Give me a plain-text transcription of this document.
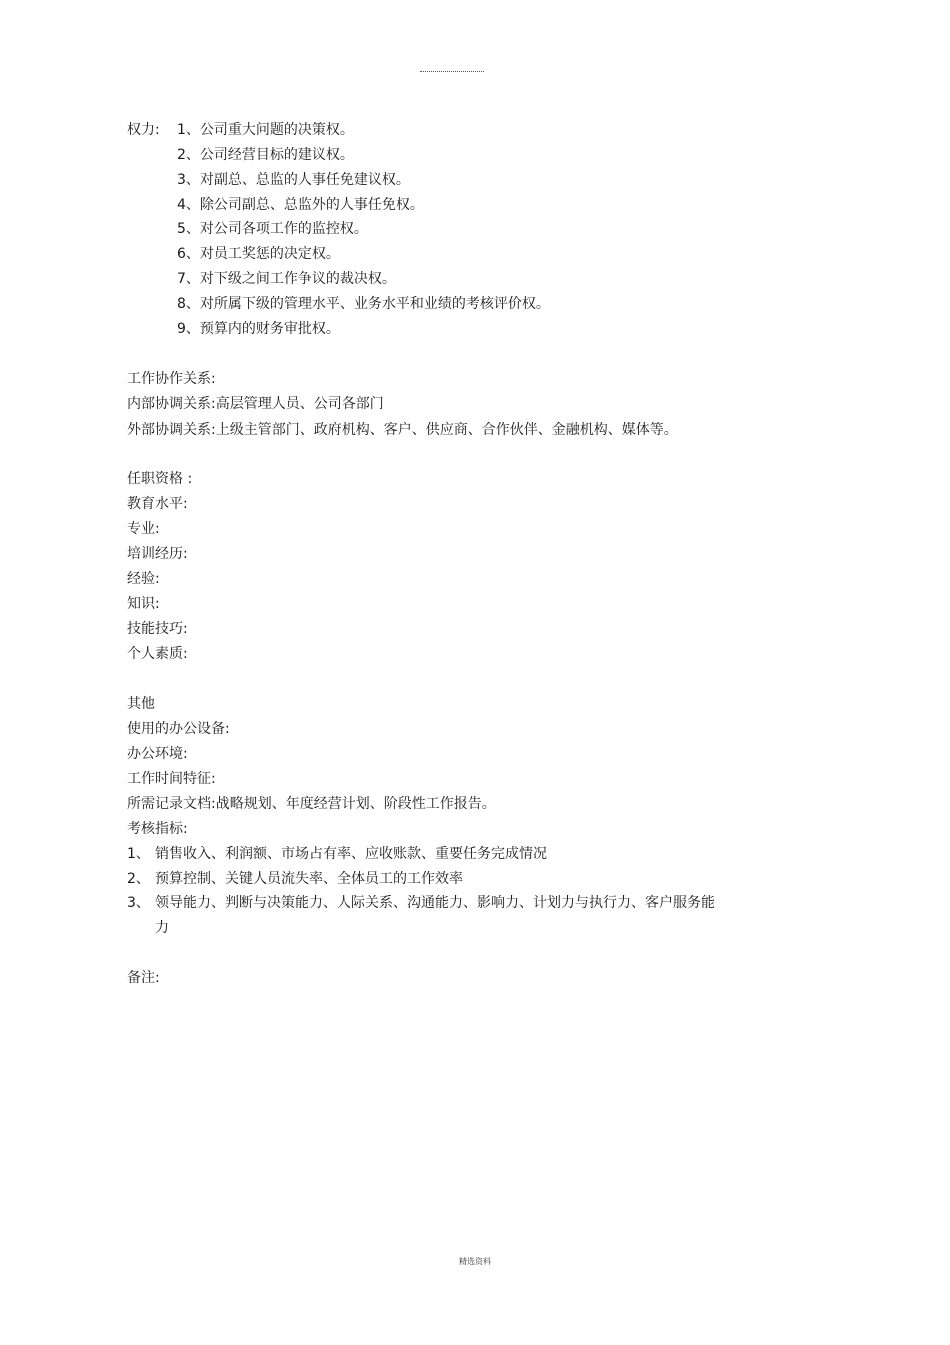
权力: 1、公司重大问题的决策权。
2、公司经营目标的建议权。
3、对副总、总监的人事任免建议权。
4、除公司副总、总监外的人事任免权。
5、对公司各项工作的监控权。
6、对员工奖惩的决定权。
7、对下级之间工作争议的裁决权。
8、对所属下级的管理水平、业务水平和业绩的考核评价权。
9、预算内的财务审批权。
工作协作关系:
内部协调关系:高层管理人员、公司各部门
外部协调关系:上级主管部门、政府机构、客户、供应商、合作伙伴、金融机构、媒体等。
任职资格 :
教育水平:
专业:
培训经历:
经验:
知识:
技能技巧:
个人素质:
其他
使用的办公设备:
办公环境:
工作时间特征:
所需记录文档:战略规划、年度经营计划、阶段性工作报告。
考核指标:
1、 销售收入、利润额、市场占有率、应收账款、重要任务完成情况
2、 预算控制、关键人员流失率、全体员工的工作效率
3、 领导能力、判断与决策能力、人际关系、沟通能力、影响力、计划力与执行力、客户服务能
力
备注:
精选资料
